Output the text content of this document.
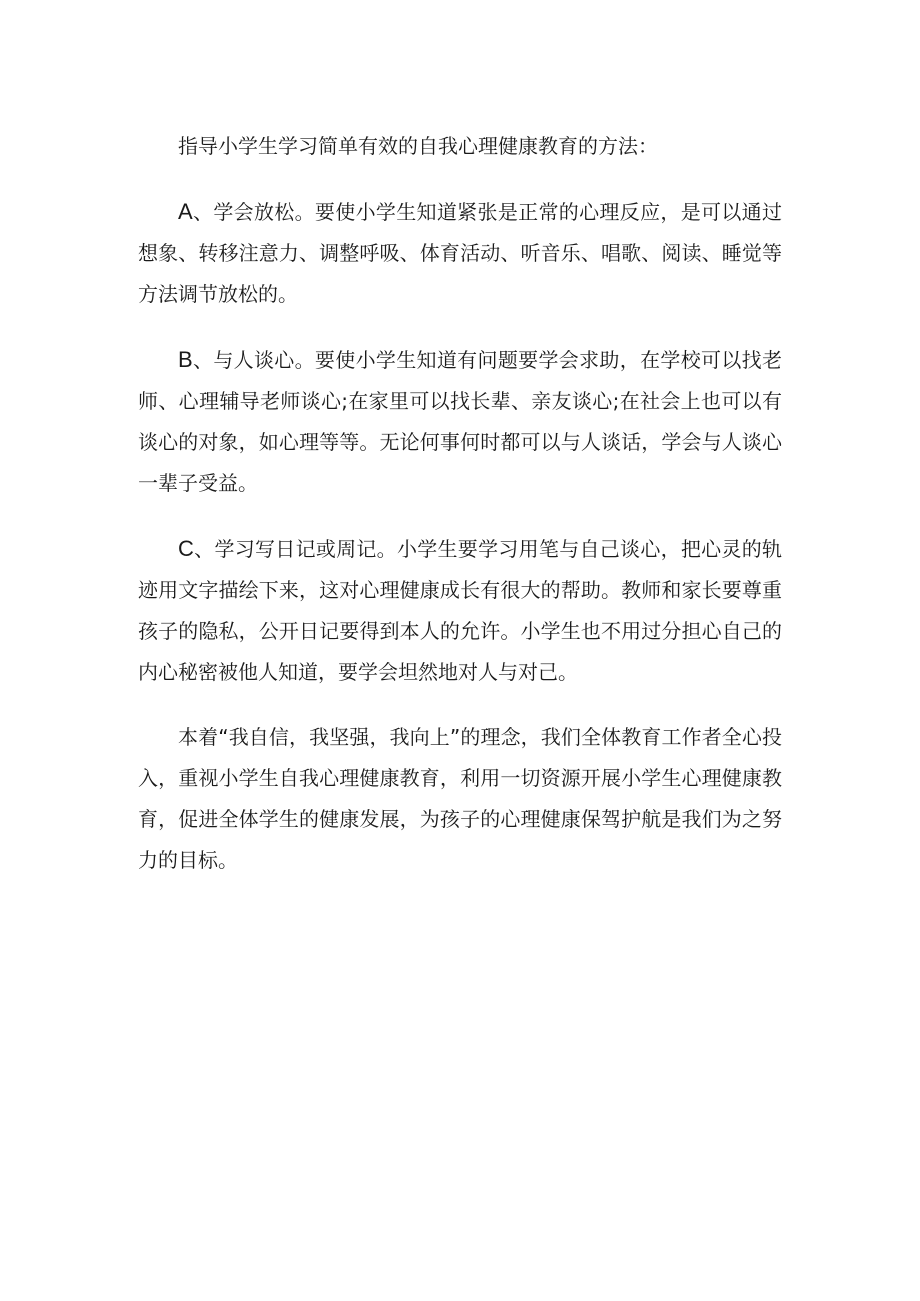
指导小学生学习简单有效的自我心理健康教育的方法：

A、学会放松。要使小学生知道紧张是正常的心理反应，是可以通过想象、转移注意力、调整呼吸、体育活动、听音乐、唱歌、阅读、睡觉等方法调节放松的。

B、与人谈心。要使小学生知道有问题要学会求助，在学校可以找老师、心理辅导老师谈心;在家里可以找长辈、亲友谈心;在社会上也可以有谈心的对象，如心理等等。无论何事何时都可以与人谈话，学会与人谈心一辈子受益。

C、学习写日记或周记。小学生要学习用笔与自己谈心，把心灵的轨迹用文字描绘下来，这对心理健康成长有很大的帮助。教师和家长要尊重孩子的隐私，公开日记要得到本人的允许。小学生也不用过分担心自己的内心秘密被他人知道，要学会坦然地对人与对己。

本着“我自信，我坚强，我向上”的理念，我们全体教育工作者全心投入，重视小学生自我心理健康教育，利用一切资源开展小学生心理健康教育，促进全体学生的健康发展，为孩子的心理健康保驾护航是我们为之努力的目标。
